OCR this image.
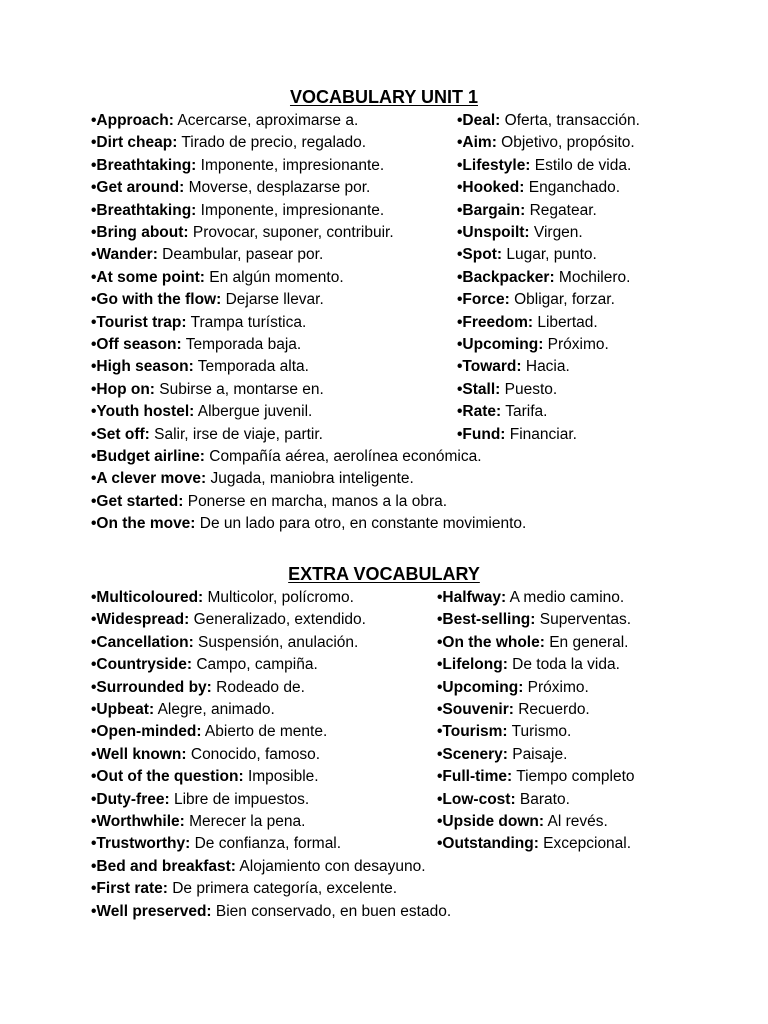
VOCABULARY UNIT 1
•Approach: Acercarse, aproximarse a.	•Deal: Oferta, transacción.
•Dirt cheap: Tirado de precio, regalado.	•Aim: Objetivo, propósito.
•Breathtaking: Imponente, impresionante.	•Lifestyle: Estilo de vida.
•Get around: Moverse, desplazarse por.	•Hooked: Enganchado.
•Breathtaking: Imponente, impresionante.	•Bargain: Regatear.
•Bring about: Provocar, suponer, contribuir.	•Unspoilt: Virgen.
•Wander: Deambular, pasear por.	•Spot: Lugar, punto.
•At some point: En algún momento.	•Backpacker: Mochilero.
•Go with the flow: Dejarse llevar.	•Force: Obligar, forzar.
•Tourist trap: Trampa turística.	•Freedom: Libertad.
•Off season: Temporada baja.	•Upcoming: Próximo.
•High season: Temporada alta.	•Toward: Hacia.
•Hop on: Subirse a, montarse en.	•Stall: Puesto.
•Youth hostel: Albergue juvenil.	•Rate: Tarifa.
•Set off: Salir, irse de viaje, partir.	•Fund: Financiar.
•Budget airline: Compañía aérea, aerolínea económica.
•A clever move: Jugada, maniobra inteligente.
•Get started: Ponerse en marcha, manos a la obra.
•On the move: De un lado para otro, en constante movimiento.
EXTRA VOCABULARY
•Multicoloured: Multicolor, polícromo.	•Halfway: A medio camino.
•Widespread: Generalizado, extendido.	•Best-selling: Superventas.
•Cancellation: Suspensión, anulación.	•On the whole: En general.
•Countryside: Campo, campiña.	•Lifelong: De toda la vida.
•Surrounded by: Rodeado de.	•Upcoming: Próximo.
•Upbeat: Alegre, animado.	•Souvenir: Recuerdo.
•Open-minded: Abierto de mente.	•Tourism: Turismo.
•Well known: Conocido, famoso.	•Scenery: Paisaje.
•Out of the question: Imposible.	•Full-time: Tiempo completo
•Duty-free: Libre de impuestos.	•Low-cost: Barato.
•Worthwhile: Merecer la pena.	•Upside down: Al revés.
•Trustworthy: De confianza, formal.	•Outstanding: Excepcional.
•Bed and breakfast: Alojamiento con desayuno.
•First rate: De primera categoría, excelente.
•Well preserved: Bien conservado, en buen estado.
